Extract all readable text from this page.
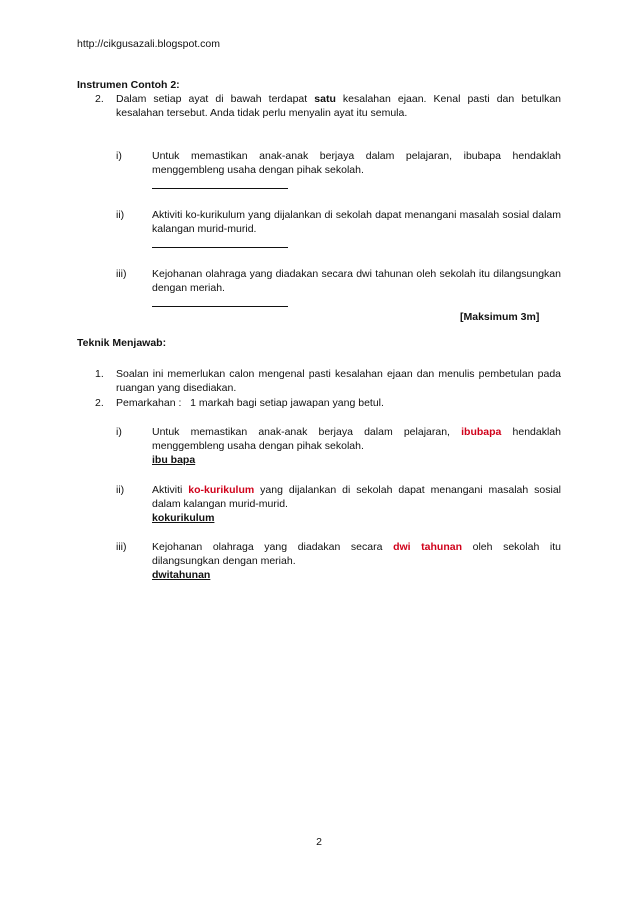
http://cikgusazali.blogspot.com
Instrumen Contoh 2:
2. Dalam setiap ayat di bawah terdapat satu kesalahan ejaan. Kenal pasti dan betulkan kesalahan tersebut. Anda tidak perlu menyalin ayat itu semula.
i)	Untuk memastikan anak-anak berjaya dalam pelajaran, ibubapa hendaklah menggembleng usaha dengan pihak sekolah.
ii)	Aktiviti ko-kurikulum yang dijalankan di sekolah dapat menangani masalah sosial dalam kalangan murid-murid.
iii) Kejohanan olahraga yang diadakan secara dwi tahunan oleh sekolah itu dilangsungkan dengan meriah.
[Maksimum 3m]
Teknik Menjawab:
1. Soalan ini memerlukan calon mengenal pasti kesalahan ejaan dan menulis pembetulan pada ruangan yang disediakan.
2. Pemarkahan :   1 markah bagi setiap jawapan yang betul.
i)	Untuk memastikan anak-anak berjaya dalam pelajaran, ibubapa hendaklah menggembleng usaha dengan pihak sekolah.
ibu bapa
ii)	Aktiviti ko-kurikulum yang dijalankan di sekolah dapat menangani masalah sosial dalam kalangan murid-murid.
kokurikulum
iii) Kejohanan olahraga yang diadakan secara dwi tahunan oleh sekolah itu dilangsungkan dengan meriah.
dwitahunan
2
